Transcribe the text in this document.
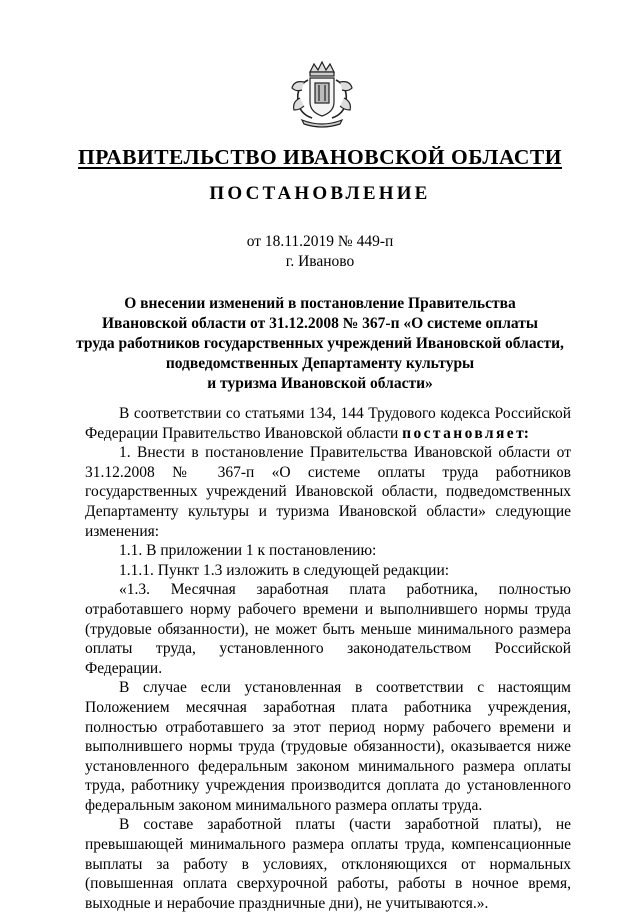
ПРАВИТЕЛЬСТВО ИВАНОВСКОЙ ОБЛАСТИ
ПОСТАНОВЛЕНИЕ
от 18.11.2019 № 449-п
г. Иваново
О внесении изменений в постановление Правительства
Ивановской области от 31.12.2008 № 367-п «О системе оплаты
труда работников государственных учреждений Ивановской области,
подведомственных Департаменту культуры
и туризма Ивановской области»

В соответствии со статьями 134, 144 Трудового кодекса Российской Федерации Правительство Ивановской области постановляет:

1. Внести в постановление Правительства Ивановской области от 31.12.2008 № 367-п «О системе оплаты труда работников государственных учреждений Ивановской области, подведомственных Департаменту культуры и туризма Ивановской области» следующие изменения:

1.1. В приложении 1 к постановлению:

1.1.1. Пункт 1.3 изложить в следующей редакции:

«1.3. Месячная заработная плата работника, полностью отработавшего норму рабочего времени и выполнившего нормы труда (трудовые обязанности), не может быть меньше минимального размера оплаты труда, установленного законодательством Российской Федерации.

В случае если установленная в соответствии с настоящим Положением месячная заработная плата работника учреждения, полностью отработавшего за этот период норму рабочего времени и выполнившего нормы труда (трудовые обязанности), оказывается ниже установленного федеральным законом минимального размера оплаты труда, работнику учреждения производится доплата до установленного федеральным законом минимального размера оплаты труда.

В составе заработной платы (части заработной платы), не превышающей минимального размера оплаты труда, компенсационные выплаты за работу в условиях, отклоняющихся от нормальных (повышенная оплата сверхурочной работы, работы в ночное время, выходные и нерабочие праздничные дни), не учитываются.».
